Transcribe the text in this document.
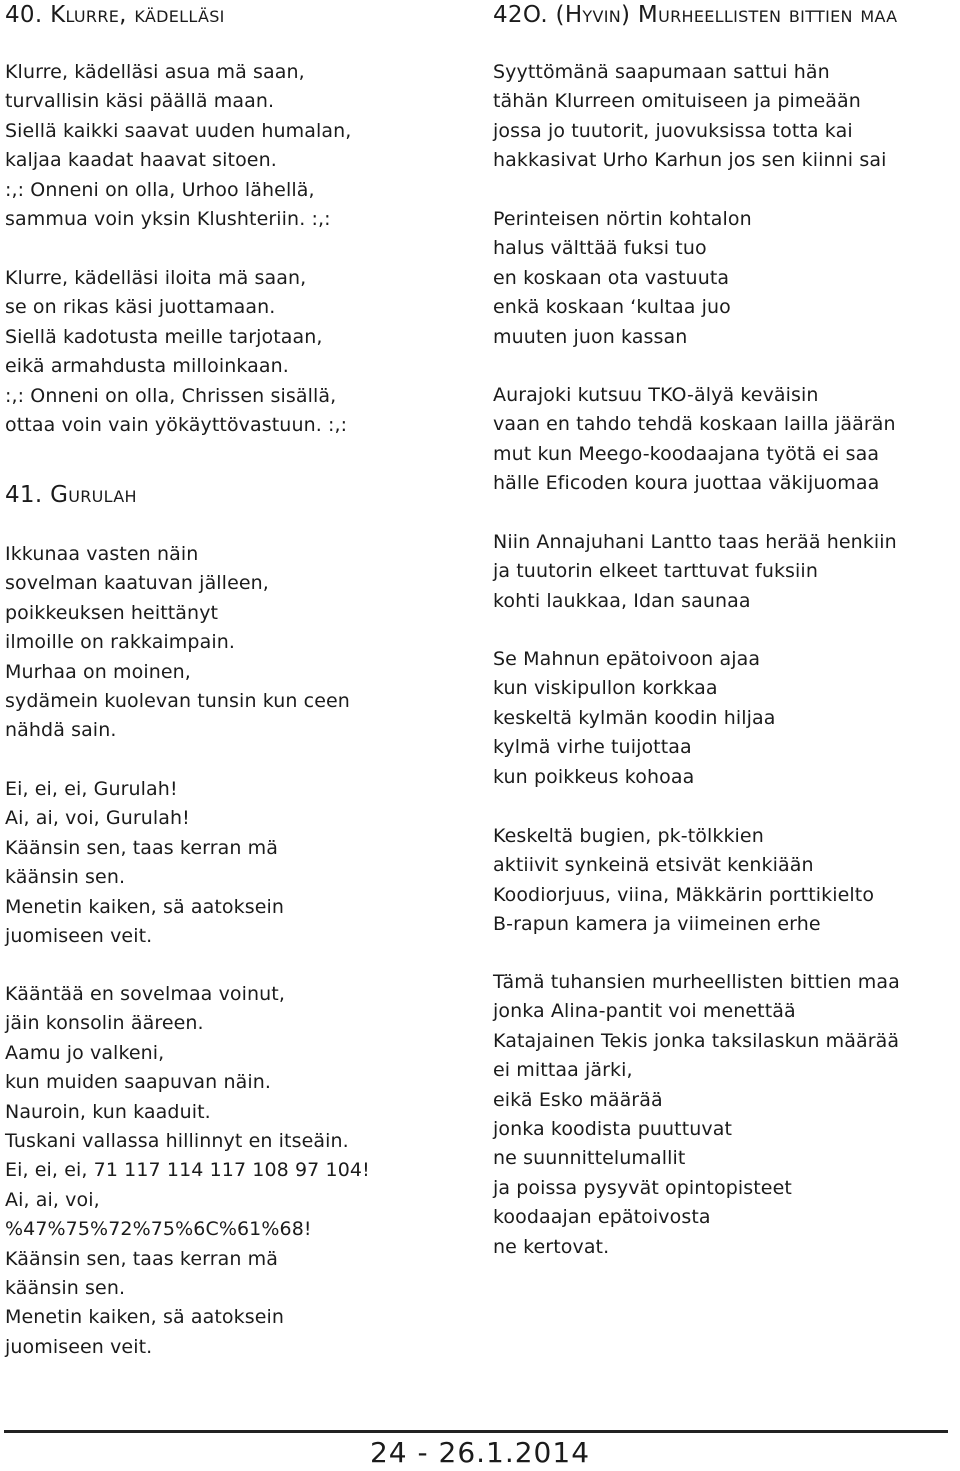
40. Klurre, kädelläsi
Klurre, kädelläsi asua mä saan,
turvallisin käsi päällä maan.
Siellä kaikki saavat uuden humalan,
kaljaa kaadat haavat sitoen.
:,: Onneni on olla, Urhoo lähellä,
sammua voin yksin Klushteriin. :,:
Klurre, kädelläsi iloita mä saan,
se on rikas käsi juottamaan.
Siellä kadotusta meille tarjotaan,
eikä armahdusta milloinkaan.
:,: Onneni on olla, Chrissen sisällä,
ottaa voin vain yökäyttövastuun. :,:
41. Gurulah
Ikkunaa vasten näin
sovelman kaatuvan jälleen,
poikkeuksen heittänyt
ilmoille on rakkaimpain.
Murhaa on moinen,
sydämein kuolevan tunsin kun ceen
nähdä sain.
Ei, ei, ei, Gurulah!
Ai, ai, voi, Gurulah!
Käänsin sen, taas kerran mä
käänsin sen.
Menetin kaiken, sä aatoksein
juomiseen veit.
Kääntää en sovelmaa voinut,
jäin konsolin ääreen.
Aamu jo valkeni,
kun muiden saapuvan näin.
Nauroin, kun kaaduit.
Tuskani vallassa hillinnyt en itseäin.
Ei, ei, ei, 71 117 114 117 108 97 104!
Ai, ai, voi,
%47%75%72%75%6C%61%68!
Käänsin sen, taas kerran mä
käänsin sen.
Menetin kaiken, sä aatoksein
juomiseen veit.
42O. (Hyvin) Murheellisten bittien maa
Syyttömänä saapumaan sattui hän
tähän Klurreen omituiseen ja pimeään
jossa jo tuutorit, juovuksissa totta kai
hakkasivat Urho Karhun jos sen kiinni sai
Perinteisen nörtin kohtalon
halus välttää fuksi tuo
en koskaan ota vastuuta
enkä koskaan ‘kultaa juo
muuten juon kassan
Aurajoki kutsuu TKO-älyä keväisin
vaan en tahdo tehdä koskaan lailla jäärän
mut kun Meego-koodaajana työtä ei saa
hälle Eficoden koura juottaa väkijuomaa
Niin Annajuhani Lantto taas herää henkiin
ja tuutorin elkeet tarttuvat fuksiin
kohti laukkaa, Idan saunaa
Se Mahnun epätoivoon ajaa
kun viskipullon korkkaa
keskeltä kylmän koodin hiljaa
kylmä virhe tuijottaa
kun poikkeus kohoaa
Keskeltä bugien, pk-tölkkien
aktiivit synkeinä etsivät kenkiään
Koodiorjuus, viina, Mäkkärin porttikielto
B-rapun kamera ja viimeinen erhe
Tämä tuhansien murheellisten bittien maa
jonka Alina-pantit voi menettää
Katajainen Tekis jonka taksilaskun määrää
ei mittaa järki,
eikä Esko määrää
jonka koodista puuttuvat
ne suunnittelumallit
ja poissa pysyvät opintopisteet
koodaajan epätoivosta
ne kertovat.
24 - 26.1.2014
